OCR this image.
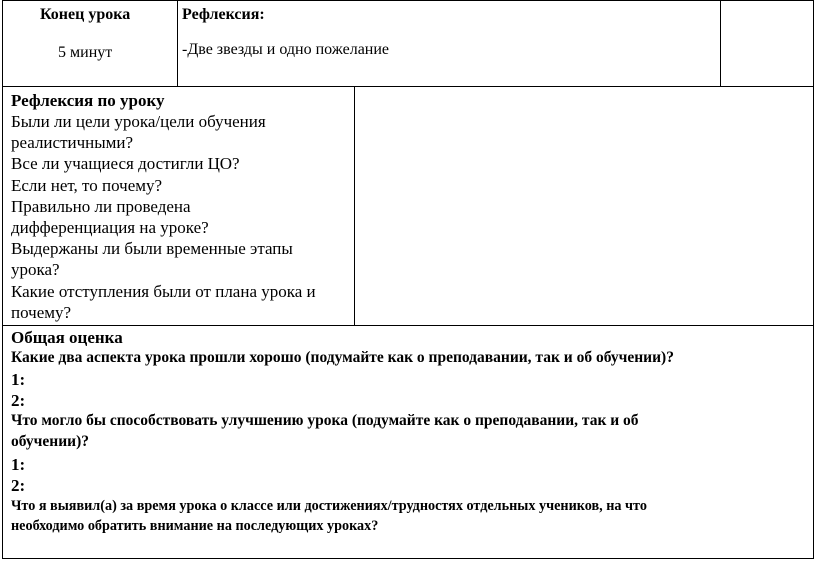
Конец урока
5 минут
Рефлексия:
-Две звезды и одно пожелание
Рефлексия по уроку
Были ли цели урока/цели обучения
реалистичными?
Все ли учащиеся достигли ЦО?
Если нет, то почему?
Правильно ли проведена
дифференциация на уроке?
Выдержаны ли были временные этапы
урока?
Какие отступления были от плана урока и
почему?
Общая оценка
Какие два аспекта урока прошли хорошо (подумайте как о преподавании, так и об обучении)?
1:
2:
Что могло бы способствовать улучшению урока (подумайте как о преподавании, так и об
обучении)?
1:
2:
Что я выявил(а) за время урока о классе или достижениях/трудностях отдельных учеников, на что
необходимо обратить внимание на последующих уроках?
